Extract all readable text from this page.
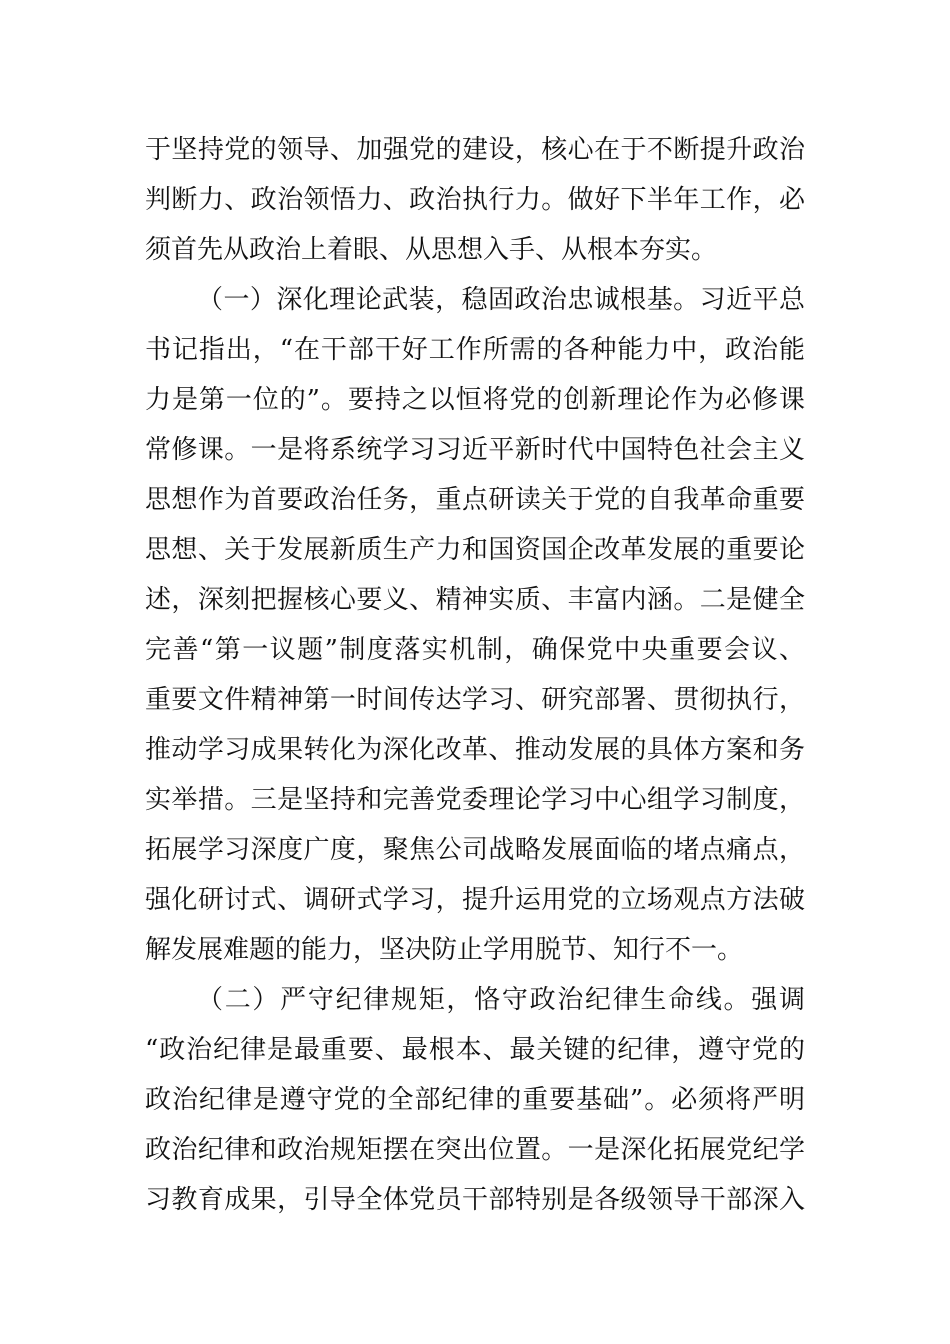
于坚持党的领导、加强党的建设，核心在于不断提升政治
判断力、政治领悟力、政治执行力。做好下半年工作，必
须首先从政治上着眼、从思想入手、从根本夯实。
（一）深化理论武装，稳固政治忠诚根基。习近平总
书记指出，“在干部干好工作所需的各种能力中，政治能
力是第一位的”。要持之以恒将党的创新理论作为必修课
常修课。一是将系统学习习近平新时代中国特色社会主义
思想作为首要政治任务，重点研读关于党的自我革命重要
思想、关于发展新质生产力和国资国企改革发展的重要论
述，深刻把握核心要义、精神实质、丰富内涵。二是健全
完善“第一议题”制度落实机制，确保党中央重要会议、
重要文件精神第一时间传达学习、研究部署、贯彻执行，
推动学习成果转化为深化改革、推动发展的具体方案和务
实举措。三是坚持和完善党委理论学习中心组学习制度，
拓展学习深度广度，聚焦公司战略发展面临的堵点痛点，
强化研讨式、调研式学习，提升运用党的立场观点方法破
解发展难题的能力，坚决防止学用脱节、知行不一。
（二）严守纪律规矩，恪守政治纪律生命线。强调
“政治纪律是最重要、最根本、最关键的纪律，遵守党的
政治纪律是遵守党的全部纪律的重要基础”。必须将严明
政治纪律和政治规矩摆在突出位置。一是深化拓展党纪学
习教育成果，引导全体党员干部特别是各级领导干部深入
